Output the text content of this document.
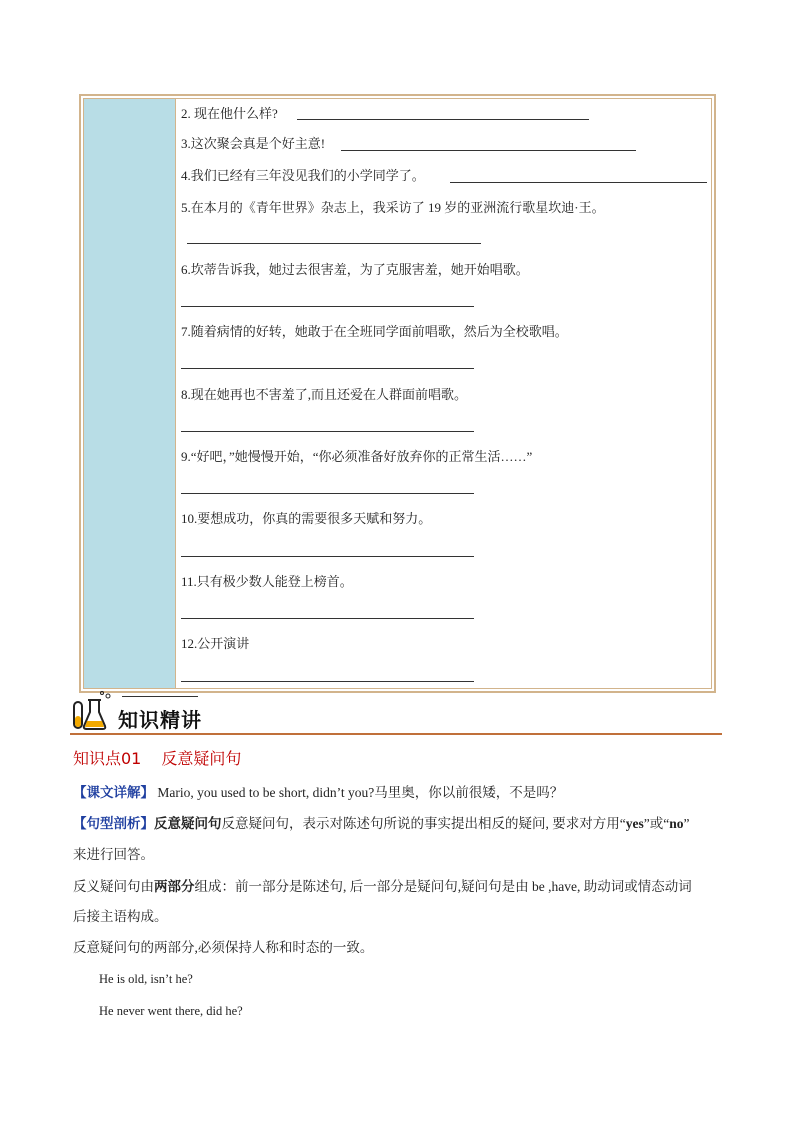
2. 现在他什么样?
3.这次聚会真是个好主意!
4.我们已经有三年没见我们的小学同学了。
5.在本月的《青年世界》杂志上，我采访了 19 岁的亚洲流行歌星坎迪·王。
6.坎蒂告诉我，她过去很害羞，为了克服害羞，她开始唱歌。
7.随着病情的好转，她敢于在全班同学面前唱歌，然后为全校歌唱。
8.现在她再也不害羞了,而且还爱在人群面前唱歌。
9.“好吧，”她慢慢开始，“你必须准备好放弃你的正常生活……”
10.要想成功，你真的需要很多天赋和努力。
11.只有极少数人能登上榜首。
12.公开演讲
知识精讲
知识点01 反意疑问句
【课文详解】 Mario, you used to be short, didn’t you?马里奥，你以前很矮，不是吗？
【句型剖析】反意疑问句反意疑问句，表示对陈述句所说的事实提出相反的疑问, 要求对方用“yes”或“no”
来进行回答。
反义疑问句由两部分组成：前一部分是陈述句, 后一部分是疑问句,疑问句是由 be ,have, 助动词或情态动词
后接主语构成。
反意疑问句的两部分,必须保持人称和时态的一致。
He is old, isn’t he?
He never went there, did he?
